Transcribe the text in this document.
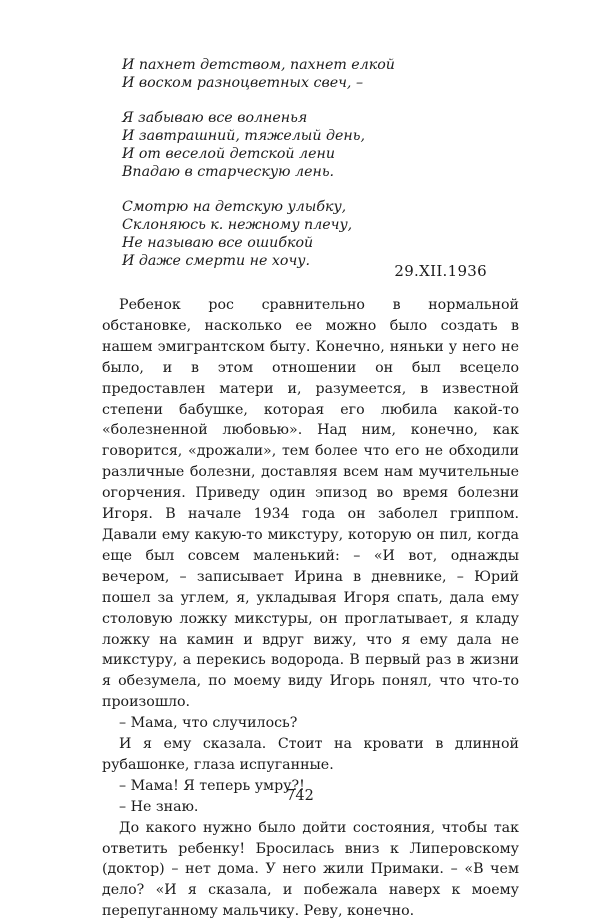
И пахнет детством, пахнет елкой
И воском разноцветных свеч, –
Я забываю все волненья
И завтрашний, тяжелый день,
И от веселой детской лени
Впадаю в старческую лень.
Смотрю на детскую улыбку,
Склоняюсь к. нежному плечу,
Не называю все ошибкой
И даже смерти не хочу.
29.XII.1936
Ребенок рос сравнительно в нормальной обстановке, насколько ее можно было создать в нашем эмигрантском быту. Конечно, няньки у него не было, и в этом отношении он был всецело предоставлен матери и, разумеется, в известной степени бабушке, которая его любила какой-то «болезненной любовью». Над ним, конечно, как говорится, «дрожали», тем более что его не обходили различные болезни, доставляя всем нам мучительные огорчения. Приведу один эпизод во время болезни Игоря. В начале 1934 года он заболел гриппом. Давали ему какую-то микстуру, которую он пил, когда еще был совсем маленький: – «И вот, однажды вечером, – записывает Ирина в дневнике, – Юрий пошел за углем, я, укладывая Игоря спать, дала ему столовую ложку микстуры, он проглатывает, я кладу ложку на камин и вдруг вижу, что я ему дала не микстуру, а перекись водорода. В первый раз в жизни я обезумела, по моему виду Игорь понял, что что-то произошло.
– Мама, что случилось?
И я ему сказала. Стоит на кровати в длинной рубашонке, глаза испуганные.
– Мама! Я теперь умру?!
– Не знаю.
До какого нужно было дойти состояния, чтобы так ответить ребенку! Бросилась вниз к Липеровскому (доктор) – нет дома. У него жили Примаки. – «В чем дело? «И я сказала, и побежала наверх к моему перепуганному мальчику. Реву, конечно.
742
